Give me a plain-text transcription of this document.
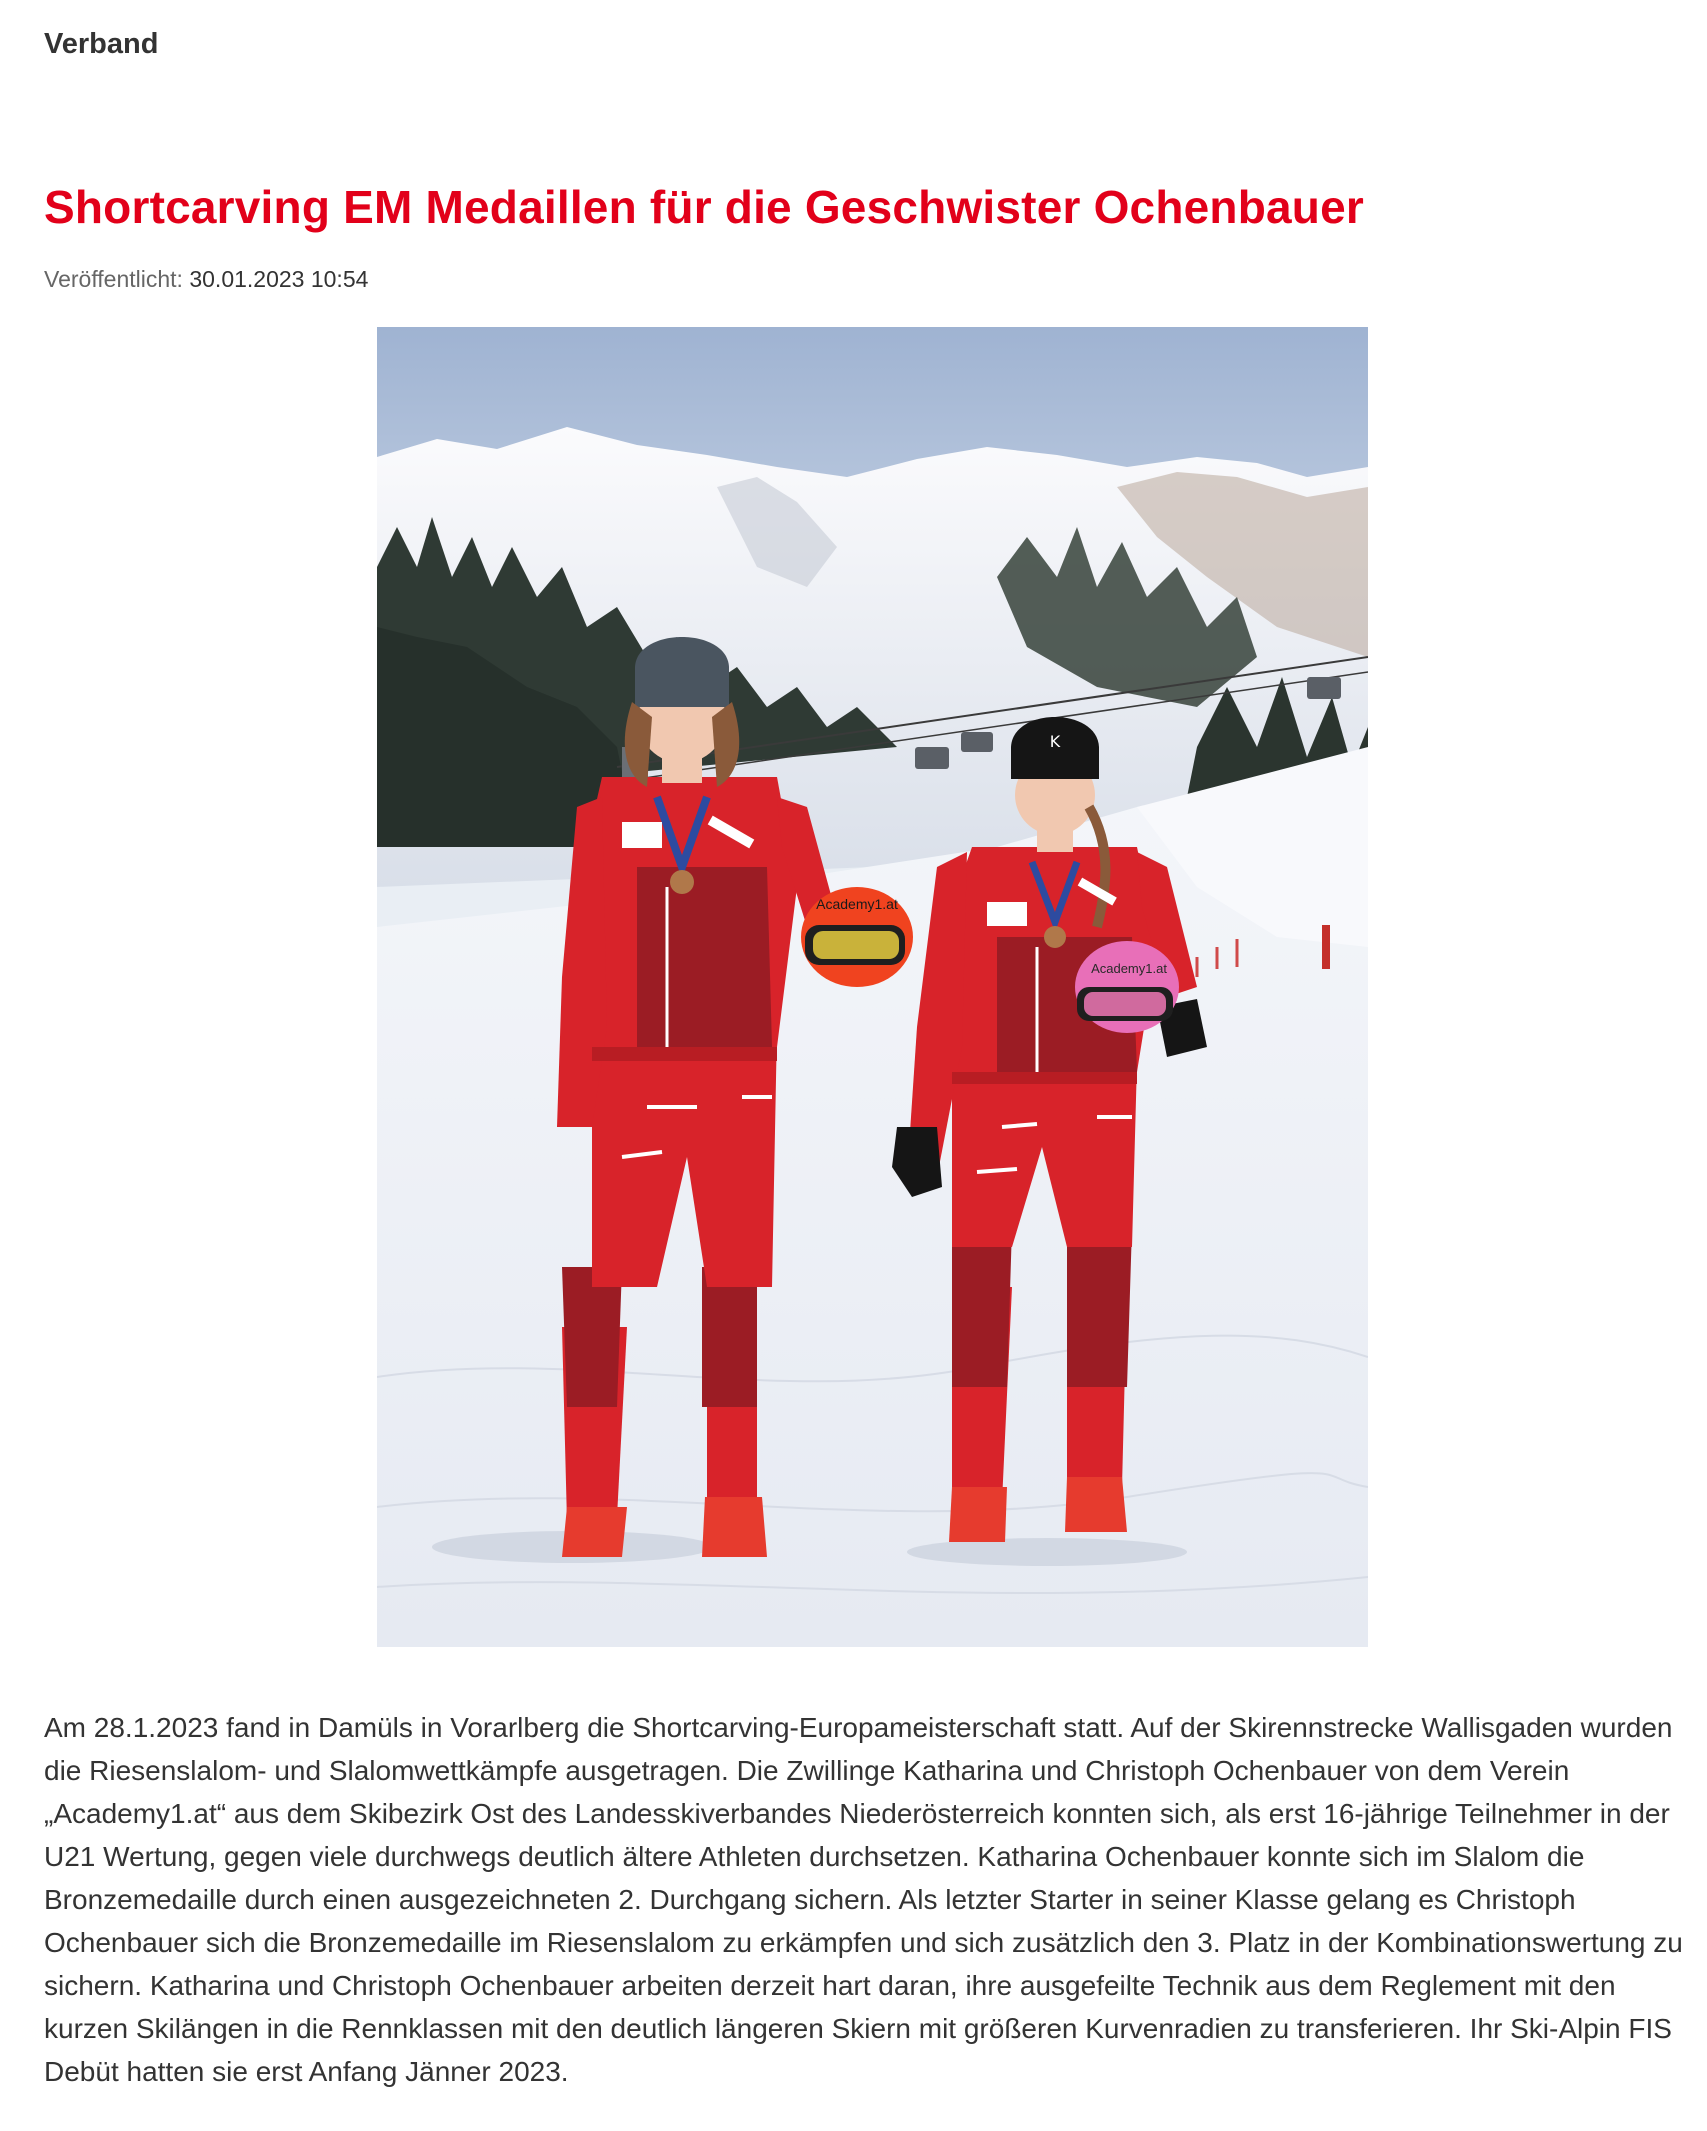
Verband
Shortcarving EM Medaillen für die Geschwister Ochenbauer
Veröffentlicht: 30.01.2023 10:54
Academy1.at
K
Academy1.at

Am 28.1.2023 fand in Damüls in Vorarlberg die Shortcarving-Europameisterschaft statt. Auf der Skirennstrecke Wallisgaden wurden die Riesenslalom- und Slalomwettkämpfe ausgetragen. Die Zwillinge Katharina und Christoph Ochenbauer von dem Verein „Academy1.at“ aus dem Skibezirk Ost des Landesskiverbandes Niederösterreich konnten sich, als erst 16-jährige Teilnehmer in der U21 Wertung, gegen viele durchwegs deutlich ältere Athleten durchsetzen. Katharina Ochenbauer konnte sich im Slalom die Bronzemedaille durch einen ausgezeichneten 2. Durchgang sichern. Als letzter Starter in seiner Klasse gelang es Christoph Ochenbauer sich die Bronzemedaille im Riesenslalom zu erkämpfen und sich zusätzlich den 3. Platz in der Kombinationswertung zu sichern. Katharina und Christoph Ochenbauer arbeiten derzeit hart daran, ihre ausgefeilte Technik aus dem Reglement mit den kurzen Skilängen in die Rennklassen mit den deutlich längeren Skiern mit größeren Kurvenradien zu transferieren. Ihr Ski-Alpin FIS Debüt hatten sie erst Anfang Jänner 2023.
